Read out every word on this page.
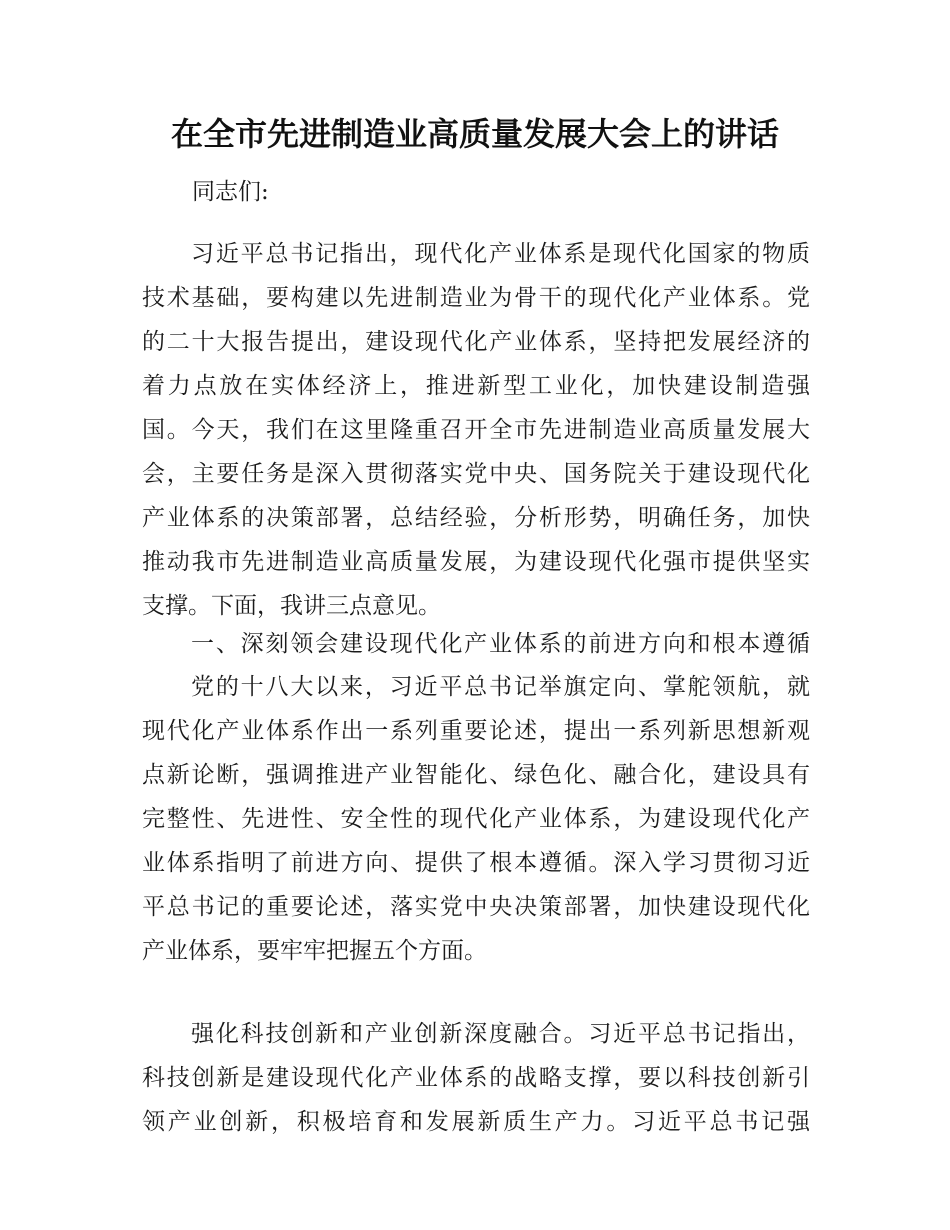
在全市先进制造业高质量发展大会上的讲话
同志们:
习近平总书记指出，现代化产业体系是现代化国家的物质
技术基础，要构建以先进制造业为骨干的现代化产业体系。党
的二十大报告提出，建设现代化产业体系，坚持把发展经济的
着力点放在实体经济上，推进新型工业化，加快建设制造强
国。今天，我们在这里隆重召开全市先进制造业高质量发展大
会，主要任务是深入贯彻落实党中央、国务院关于建设现代化
产业体系的决策部署，总结经验，分析形势，明确任务，加快
推动我市先进制造业高质量发展，为建设现代化强市提供坚实
支撑。下面，我讲三点意见。
一、深刻领会建设现代化产业体系的前进方向和根本遵循
党的十八大以来，习近平总书记举旗定向、掌舵领航，就
现代化产业体系作出一系列重要论述，提出一系列新思想新观
点新论断，强调推进产业智能化、绿色化、融合化，建设具有
完整性、先进性、安全性的现代化产业体系，为建设现代化产
业体系指明了前进方向、提供了根本遵循。深入学习贯彻习近
平总书记的重要论述，落实党中央决策部署，加快建设现代化
产业体系，要牢牢把握五个方面。
强化科技创新和产业创新深度融合。习近平总书记指出，
科技创新是建设现代化产业体系的战略支撑，要以科技创新引
领产业创新，积极培育和发展新质生产力。习近平总书记强
